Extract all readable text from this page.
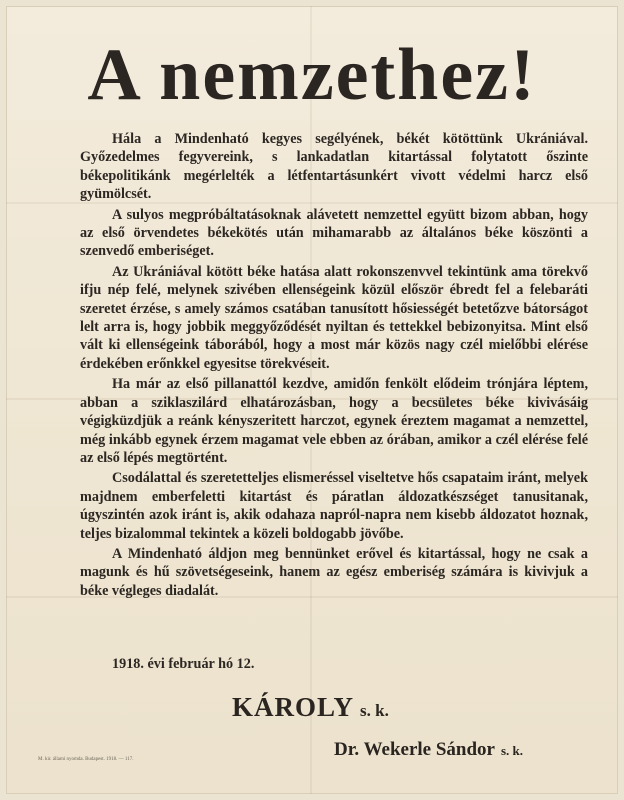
A nemzethez!

Hála a Mindenható kegyes segélyének, békét kötöttünk Ukrániával. Győzedelmes fegyvereink, s lankadatlan kitartással folytatott őszinte békepolitikánk megérlelték a létfentartásunkért vivott védelmi harcz első gyümölcsét.

A sulyos megpróbáltatásoknak alávetett nemzettel együtt bizom abban, hogy az első örvendetes békekötés után mihamarabb az általános béke köszönti a szenvedő emberiséget.

Az Ukrániával kötött béke hatása alatt rokonszenvvel tekintünk ama törekvő ifju nép felé, melynek szivében ellenségeink közül először ébredt fel a felebaráti szeretet érzése, s amely számos csatában tanusított hősiességét betetőzve bátorságot lelt arra is, hogy jobbik meggyőződését nyiltan és tettekkel bebizonyitsa. Mint első vált ki ellenségeink táborából, hogy a most már közös nagy czél mielőbbi elérése érdekében erőnkkel egyesitse törekvéseit.

Ha már az első pillanattól kezdve, amidőn fenkölt elődeim trónjára léptem, abban a sziklaszilárd elhatározásban, hogy a becsületes béke kivivásáig végigküzdjük a reánk kényszeritett harczot, egynek éreztem magamat a nemzettel, még inkább egynek érzem magamat vele ebben az órában, amikor a czél elérése felé az első lépés megtörtént.

Csodálattal és szeretetteljes elismeréssel viseltetve hős csapataim iránt, melyek majdnem emberfeletti kitartást és páratlan áldozatkészséget tanusitanak, úgyszintén azok iránt is, akik odahaza napról-napra nem kisebb áldozatot hoznak, teljes bizalommal tekintek a közeli boldogabb jövőbe.

A Mindenható áldjon meg bennünket erővel és kitartással, hogy ne csak a magunk és hű szövetségeseink, hanem az egész emberiség számára is kivivjuk a béke végleges diadalát.

1918. évi február hó 12.
KÁROLY s. k.
Dr. Wekerle Sándor s. k.
M. kir. állami nyomda. Budapest. 1918. — 117.
